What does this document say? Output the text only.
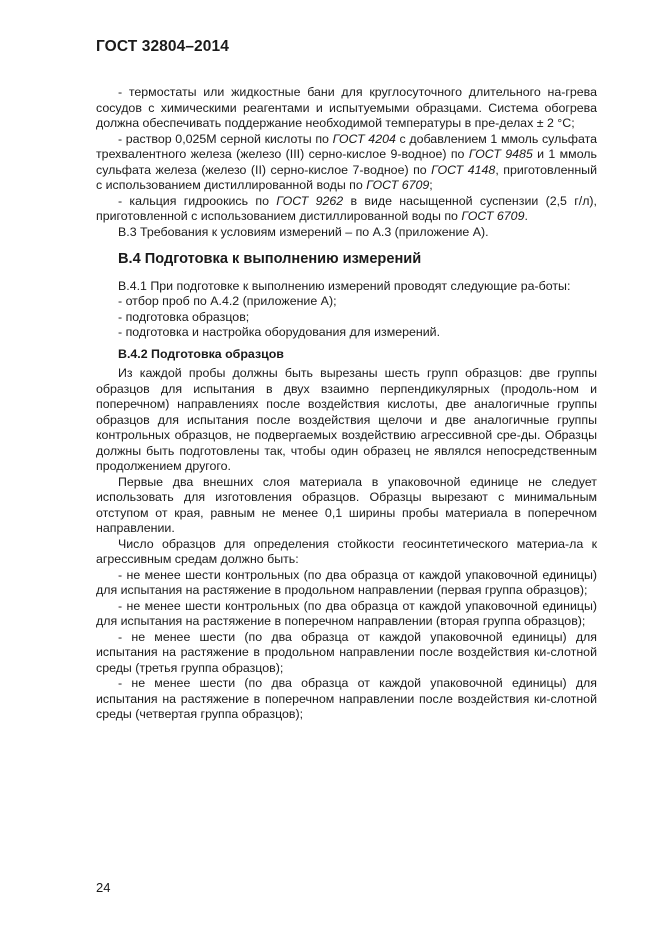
ГОСТ 32804–2014

- термостаты или жидкостные бани для круглосуточного длительного на-грева сосудов с химическими реагентами и испытуемыми образцами. Система обогрева должна обеспечивать поддержание необходимой температуры в пре-делах ± 2 °С;

- раствор 0,025М серной кислоты по ГОСТ 4204 с добавлением 1 ммоль сульфата трехвалентного железа (железо (III) серно-кислое 9-водное) по ГОСТ 9485 и 1 ммоль сульфата железа (железо (II) серно-кислое 7-водное) по ГОСТ 4148, приготовленный с использованием дистиллированной воды по ГОСТ 6709;

- кальция гидроокись по ГОСТ 9262 в виде насыщенной суспензии (2,5 г/л), приготовленной с использованием дистиллированной воды по ГОСТ 6709.

В.3 Требования к условиям измерений – по А.3 (приложение А).

В.4 Подготовка к выполнению измерений

В.4.1 При подготовке к выполнению измерений проводят следующие ра-боты:

- отбор проб по А.4.2 (приложение А);

- подготовка образцов;

- подготовка и настройка оборудования для измерений.

В.4.2 Подготовка образцов

Из каждой пробы должны быть вырезаны шесть групп образцов: две группы образцов для испытания в двух взаимно перпендикулярных (продоль-ном и поперечном) направлениях после воздействия кислоты, две аналогичные группы образцов для испытания после воздействия щелочи и две аналогичные группы контрольных образцов, не подвергаемых воздействию агрессивной сре-ды. Образцы должны быть подготовлены так, чтобы один образец не являлся непосредственным продолжением другого.

Первые два внешних слоя материала в упаковочной единице не следует использовать для изготовления образцов. Образцы вырезают с минимальным отступом от края, равным не менее 0,1 ширины пробы материала в поперечном направлении.

Число образцов для определения стойкости геосинтетического материа-ла к агрессивным средам должно быть:

- не менее шести контрольных (по два образца от каждой упаковочной единицы) для испытания на растяжение в продольном направлении (первая группа образцов);

- не менее шести контрольных (по два образца от каждой упаковочной единицы) для испытания на растяжение в поперечном направлении (вторая группа образцов);

- не менее шести (по два образца от каждой упаковочной единицы) для испытания на растяжение в продольном направлении после воздействия ки-слотной среды (третья группа образцов);

- не менее шести (по два образца от каждой упаковочной единицы) для испытания на растяжение в поперечном направлении после воздействия ки-слотной среды (четвертая группа образцов);

24
